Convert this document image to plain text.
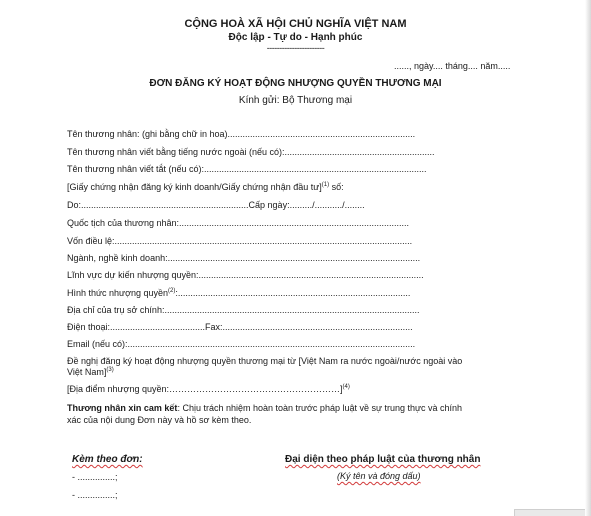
CỘNG HOÀ XÃ HỘI CHỦ NGHĨA VIỆT NAM
Độc lập - Tự do - Hạnh phúc
-----------------------
......, ngày.... tháng.... năm.....
ĐƠN ĐĂNG KÝ HOẠT ĐỘNG NHƯỢNG QUYỀN THƯƠNG MẠI
Kính gửi: Bộ Thương mại
Tên thương nhân: (ghi bằng chữ in hoa)...........................................................................
Tên thương nhân viết bằng tiếng nước ngoài (nếu có):............................................................
Tên thương nhân viết tắt (nếu có):.........................................................................................
[Giấy chứng nhận đăng ký kinh doanh/Giấy chứng nhận đầu tư]$^{(1)}$ số:
Do:...................................................................Cấp ngày:........./.........../........
Quốc tịch của thương nhân:............................................................................................
Vốn điều lệ:.......................................................................................................................
Ngành, nghề kinh doanh:.....................................................................................................
Lĩnh vực dự kiến nhượng quyền:..........................................................................................
Hình thức nhượng quyền$^{(2)}$:.............................................................................................
Địa chỉ của trụ sở chính:......................................................................................................
Điện thoại:......................................Fax:............................................................................
Email (nếu có):...................................................................................................................
Đề nghị đăng ký hoạt động nhượng quyền thương mại từ [Việt Nam ra nước ngoài/nước ngoài vào
Việt Nam]$^{(3)}$
[Địa điểm nhượng quyền:…………………………………………………]$^{(4)}$
Thương nhân xin cam kết: Chịu trách nhiệm hoàn toàn trước pháp luật về sự trung thực và chính
xác của nội dung Đơn này và hồ sơ kèm theo.
Kèm theo đơn:
- ...............;
- ...............;
Đại diện theo pháp luật của thương nhân
(Ký tên và đóng dấu)
